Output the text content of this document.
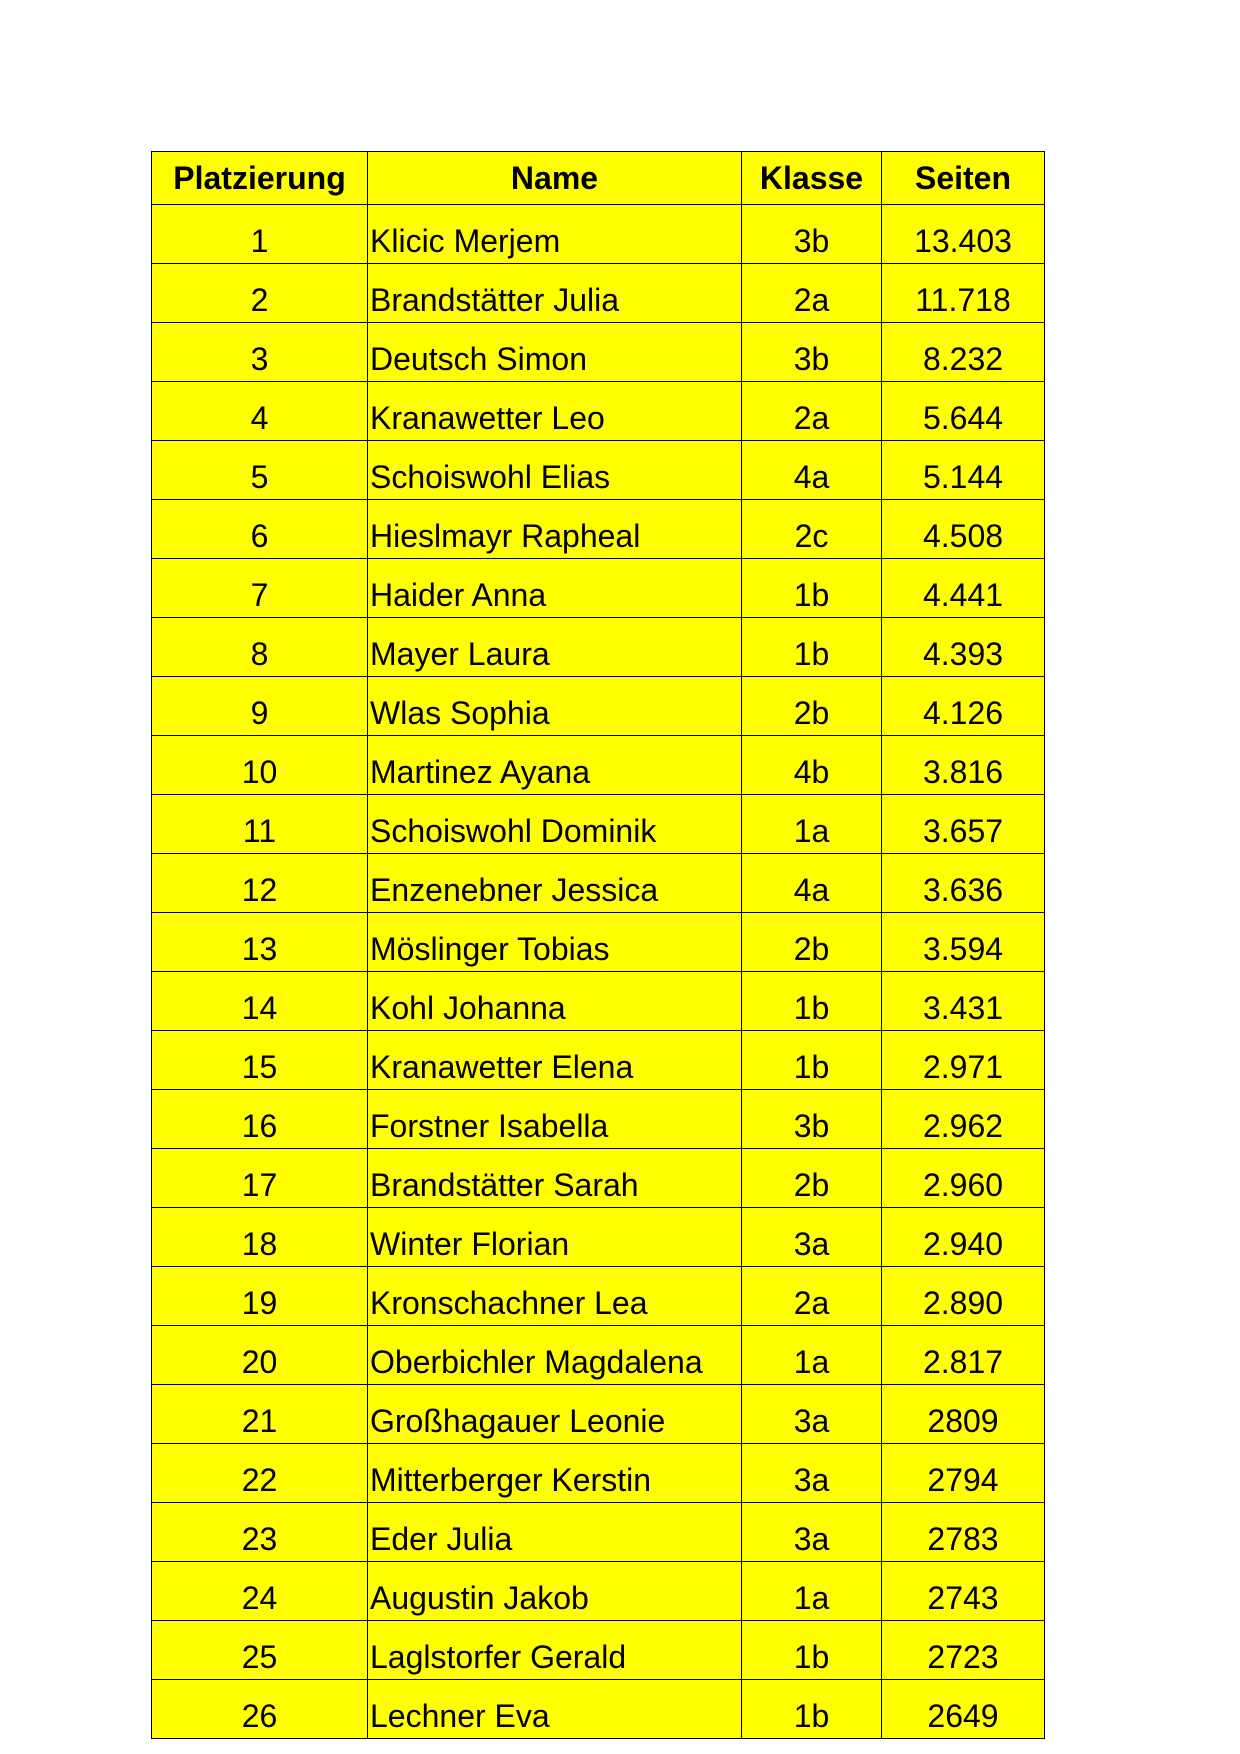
Platzierung	Name	Klasse	Seiten
1	Klicic Merjem	3b	13.403
2	Brandstätter Julia	2a	11.718
3	Deutsch Simon	3b	8.232
4	Kranawetter Leo	2a	5.644
5	Schoiswohl Elias	4a	5.144
6	Hieslmayr Rapheal	2c	4.508
7	Haider Anna	1b	4.441
8	Mayer Laura	1b	4.393
9	Wlas Sophia	2b	4.126
10	Martinez Ayana	4b	3.816
11	Schoiswohl Dominik	1a	3.657
12	Enzenebner Jessica	4a	3.636
13	Möslinger Tobias	2b	3.594
14	Kohl Johanna	1b	3.431
15	Kranawetter Elena	1b	2.971
16	Forstner Isabella	3b	2.962
17	Brandstätter Sarah	2b	2.960
18	Winter Florian	3a	2.940
19	Kronschachner Lea	2a	2.890
20	Oberbichler Magdalena	1a	2.817
21	Großhagauer Leonie	3a	2809
22	Mitterberger Kerstin	3a	2794
23	Eder Julia	3a	2783
24	Augustin Jakob	1a	2743
25	Laglstorfer Gerald	1b	2723
26	Lechner Eva	1b	2649
